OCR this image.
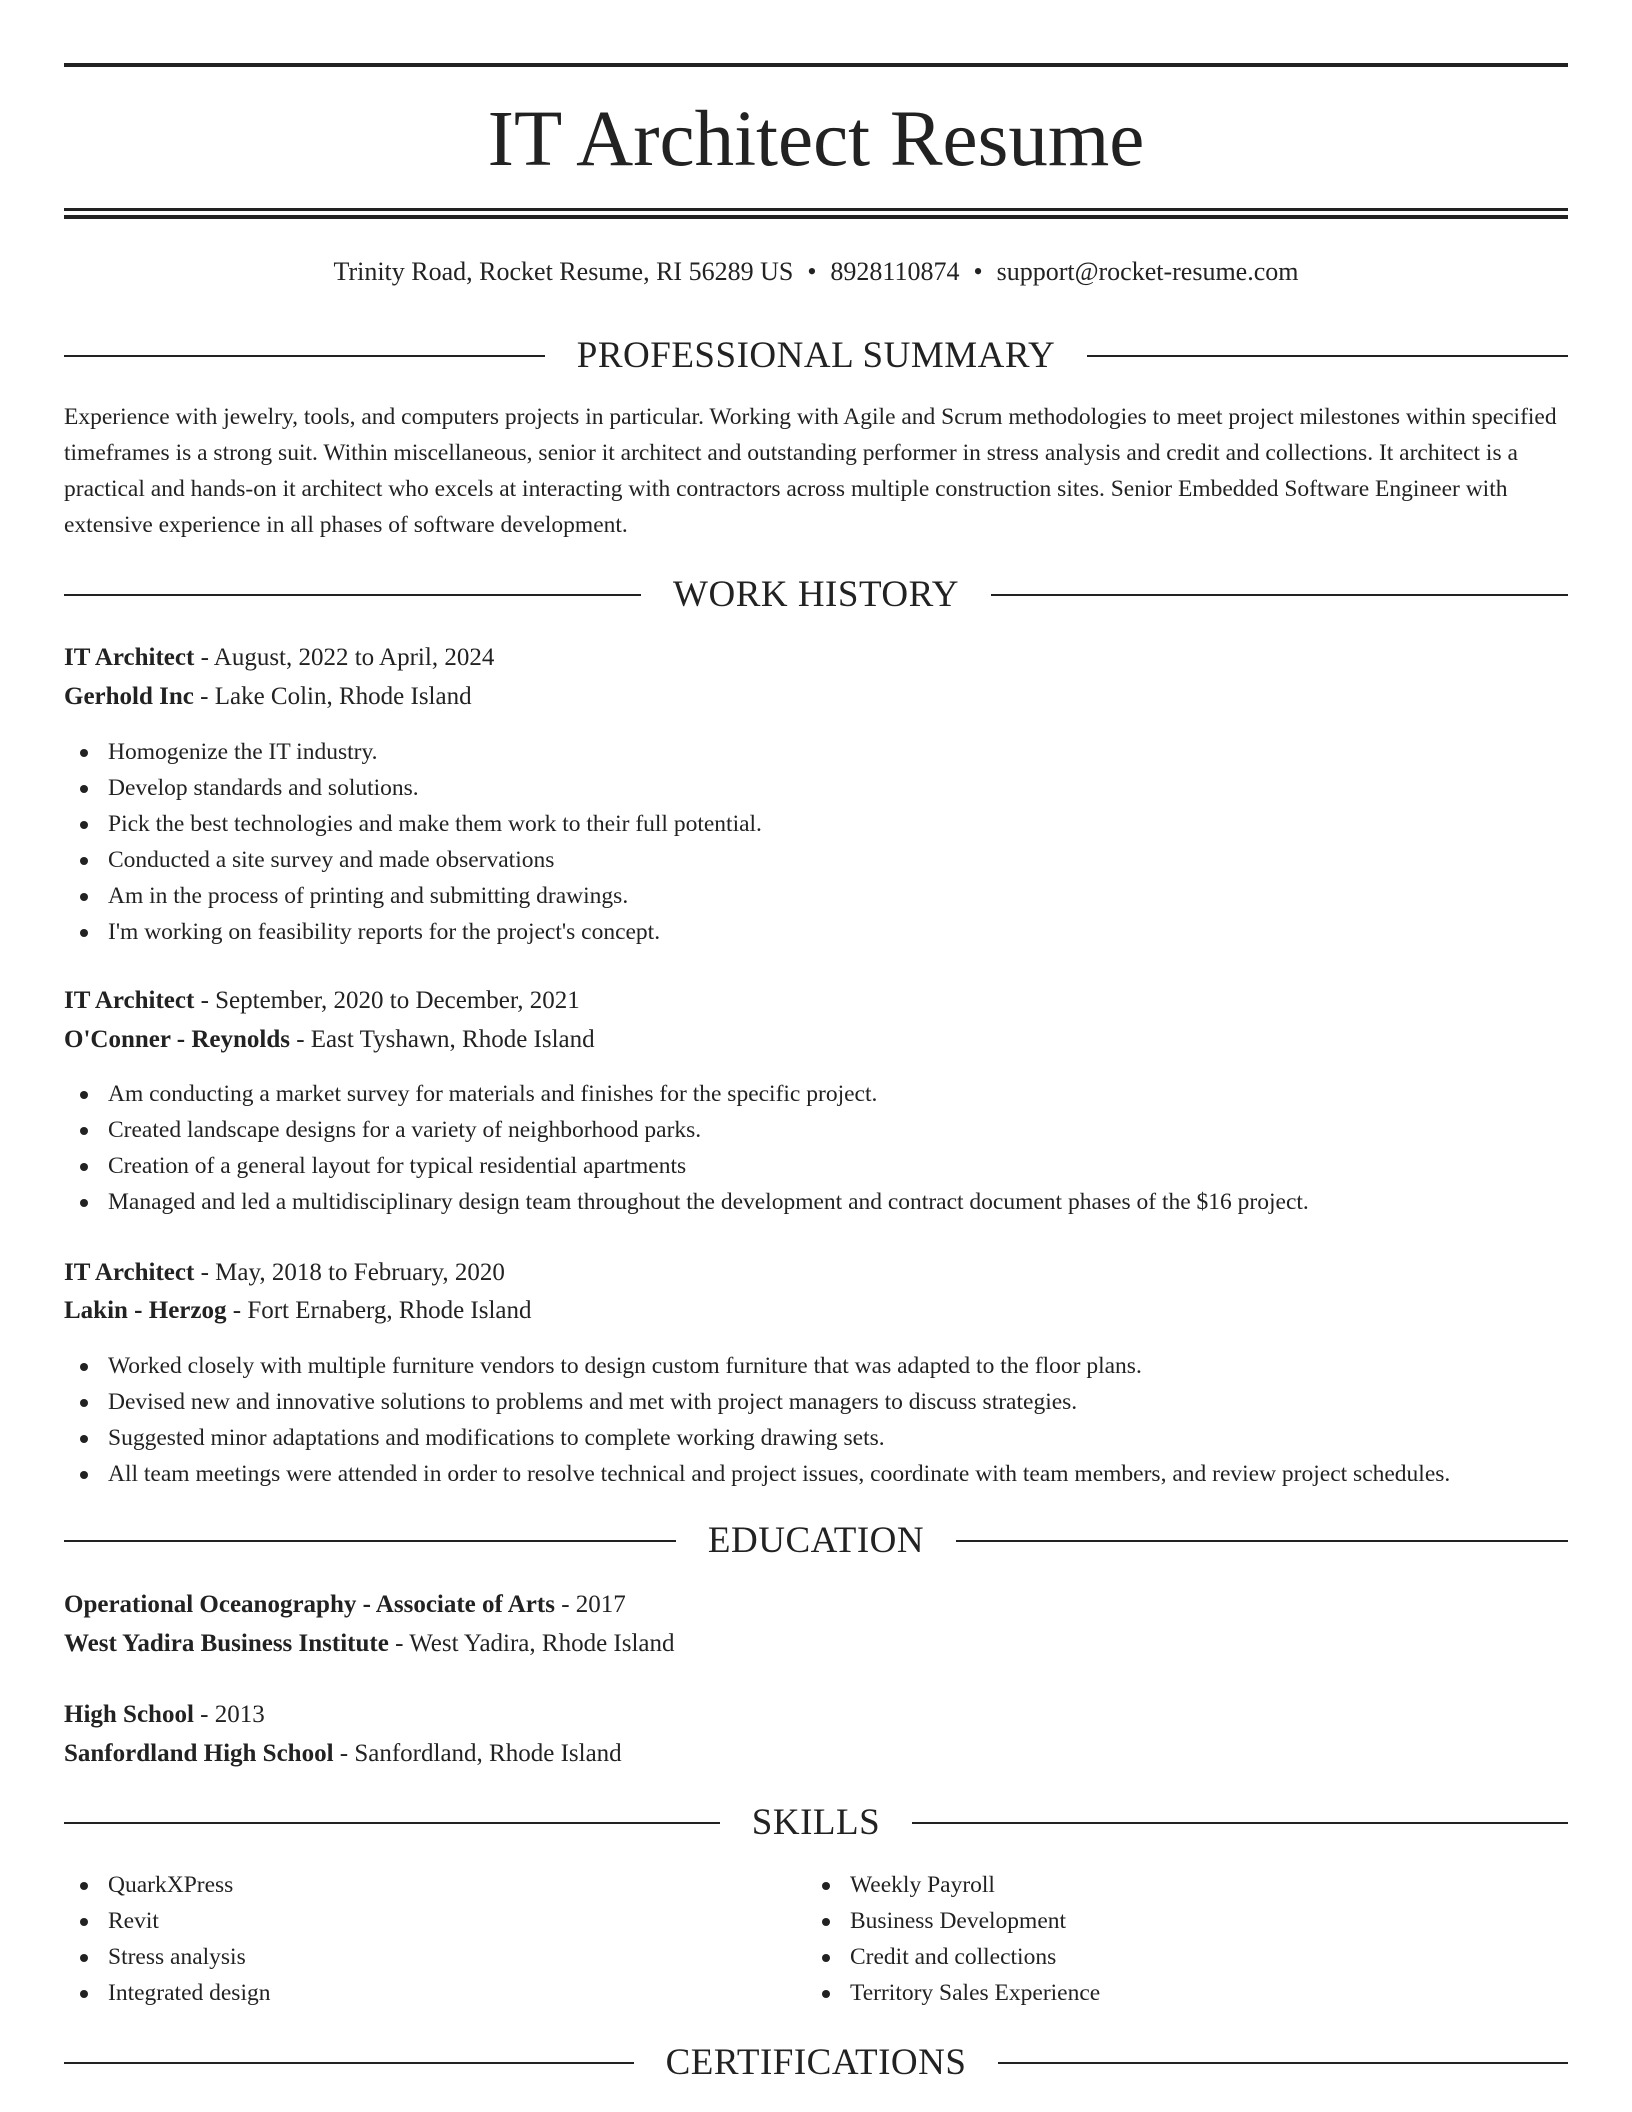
IT Architect Resume
Trinity Road, Rocket Resume, RI 56289 US • 8928110874 • support@rocket-resume.com
PROFESSIONAL SUMMARY

Experience with jewelry, tools, and computers projects in particular. Working with Agile and Scrum methodologies to meet project milestones within specified timeframes is a strong suit. Within miscellaneous, senior it architect and outstanding performer in stress analysis and credit and collections. It architect is a practical and hands-on it architect who excels at interacting with contractors across multiple construction sites. Senior Embedded Software Engineer with extensive experience in all phases of software development.

WORK HISTORY
IT Architect - August, 2022 to April, 2024
Gerhold Inc - Lake Colin, Rhode Island
Homogenize the IT industry.
Develop standards and solutions.
Pick the best technologies and make them work to their full potential.
Conducted a site survey and made observations
Am in the process of printing and submitting drawings.
I'm working on feasibility reports for the project's concept.
IT Architect - September, 2020 to December, 2021
O'Conner - Reynolds - East Tyshawn, Rhode Island
Am conducting a market survey for materials and finishes for the specific project.
Created landscape designs for a variety of neighborhood parks.
Creation of a general layout for typical residential apartments
Managed and led a multidisciplinary design team throughout the development and contract document phases of the $16 project.
IT Architect - May, 2018 to February, 2020
Lakin - Herzog - Fort Ernaberg, Rhode Island
Worked closely with multiple furniture vendors to design custom furniture that was adapted to the floor plans.
Devised new and innovative solutions to problems and met with project managers to discuss strategies.
Suggested minor adaptations and modifications to complete working drawing sets.
All team meetings were attended in order to resolve technical and project issues, coordinate with team members, and review project schedules.
EDUCATION
Operational Oceanography - Associate of Arts - 2017
West Yadira Business Institute - West Yadira, Rhode Island
High School - 2013
Sanfordland High School - Sanfordland, Rhode Island
SKILLS
QuarkXPress
Revit
Stress analysis
Integrated design
Weekly Payroll
Business Development
Credit and collections
Territory Sales Experience
CERTIFICATIONS
